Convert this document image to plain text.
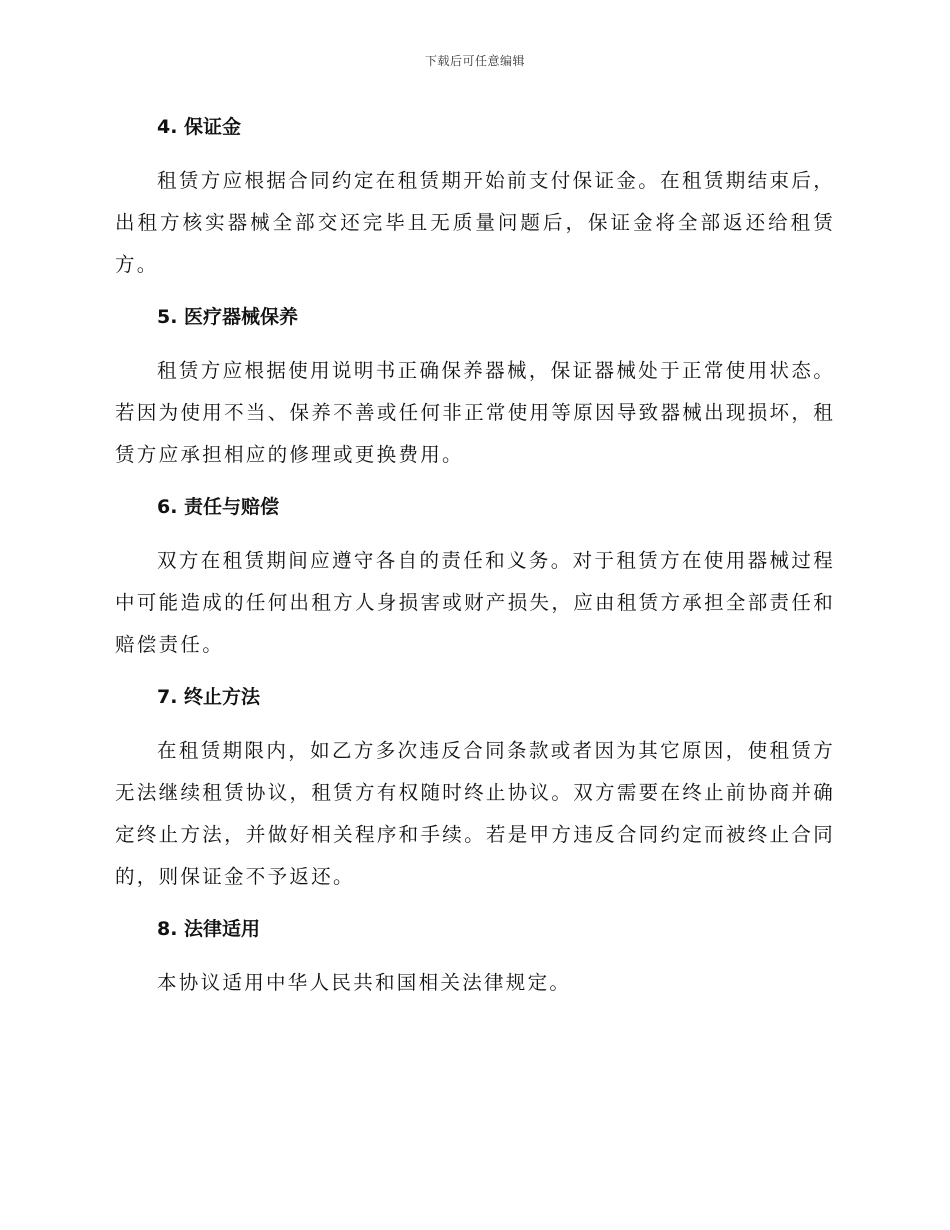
下载后可任意编辑
4. 保证金

租赁方应根据合同约定在租赁期开始前支付保证金。在租赁期结束后，出租方核实器械全部交还完毕且无质量问题后，保证金将全部返还给租赁方。

5. 医疗器械保养

租赁方应根据使用说明书正确保养器械，保证器械处于正常使用状态。若因为使用不当、保养不善或任何非正常使用等原因导致器械出现损坏，租赁方应承担相应的修理或更换费用。

6. 责任与赔偿

双方在租赁期间应遵守各自的责任和义务。对于租赁方在使用器械过程中可能造成的任何出租方人身损害或财产损失，应由租赁方承担全部责任和赔偿责任。

7. 终止方法

在租赁期限内，如乙方多次违反合同条款或者因为其它原因，使租赁方无法继续租赁协议，租赁方有权随时终止协议。双方需要在终止前协商并确定终止方法，并做好相关程序和手续。若是甲方违反合同约定而被终止合同的，则保证金不予返还。

8. 法律适用

本协议适用中华人民共和国相关法律规定。
